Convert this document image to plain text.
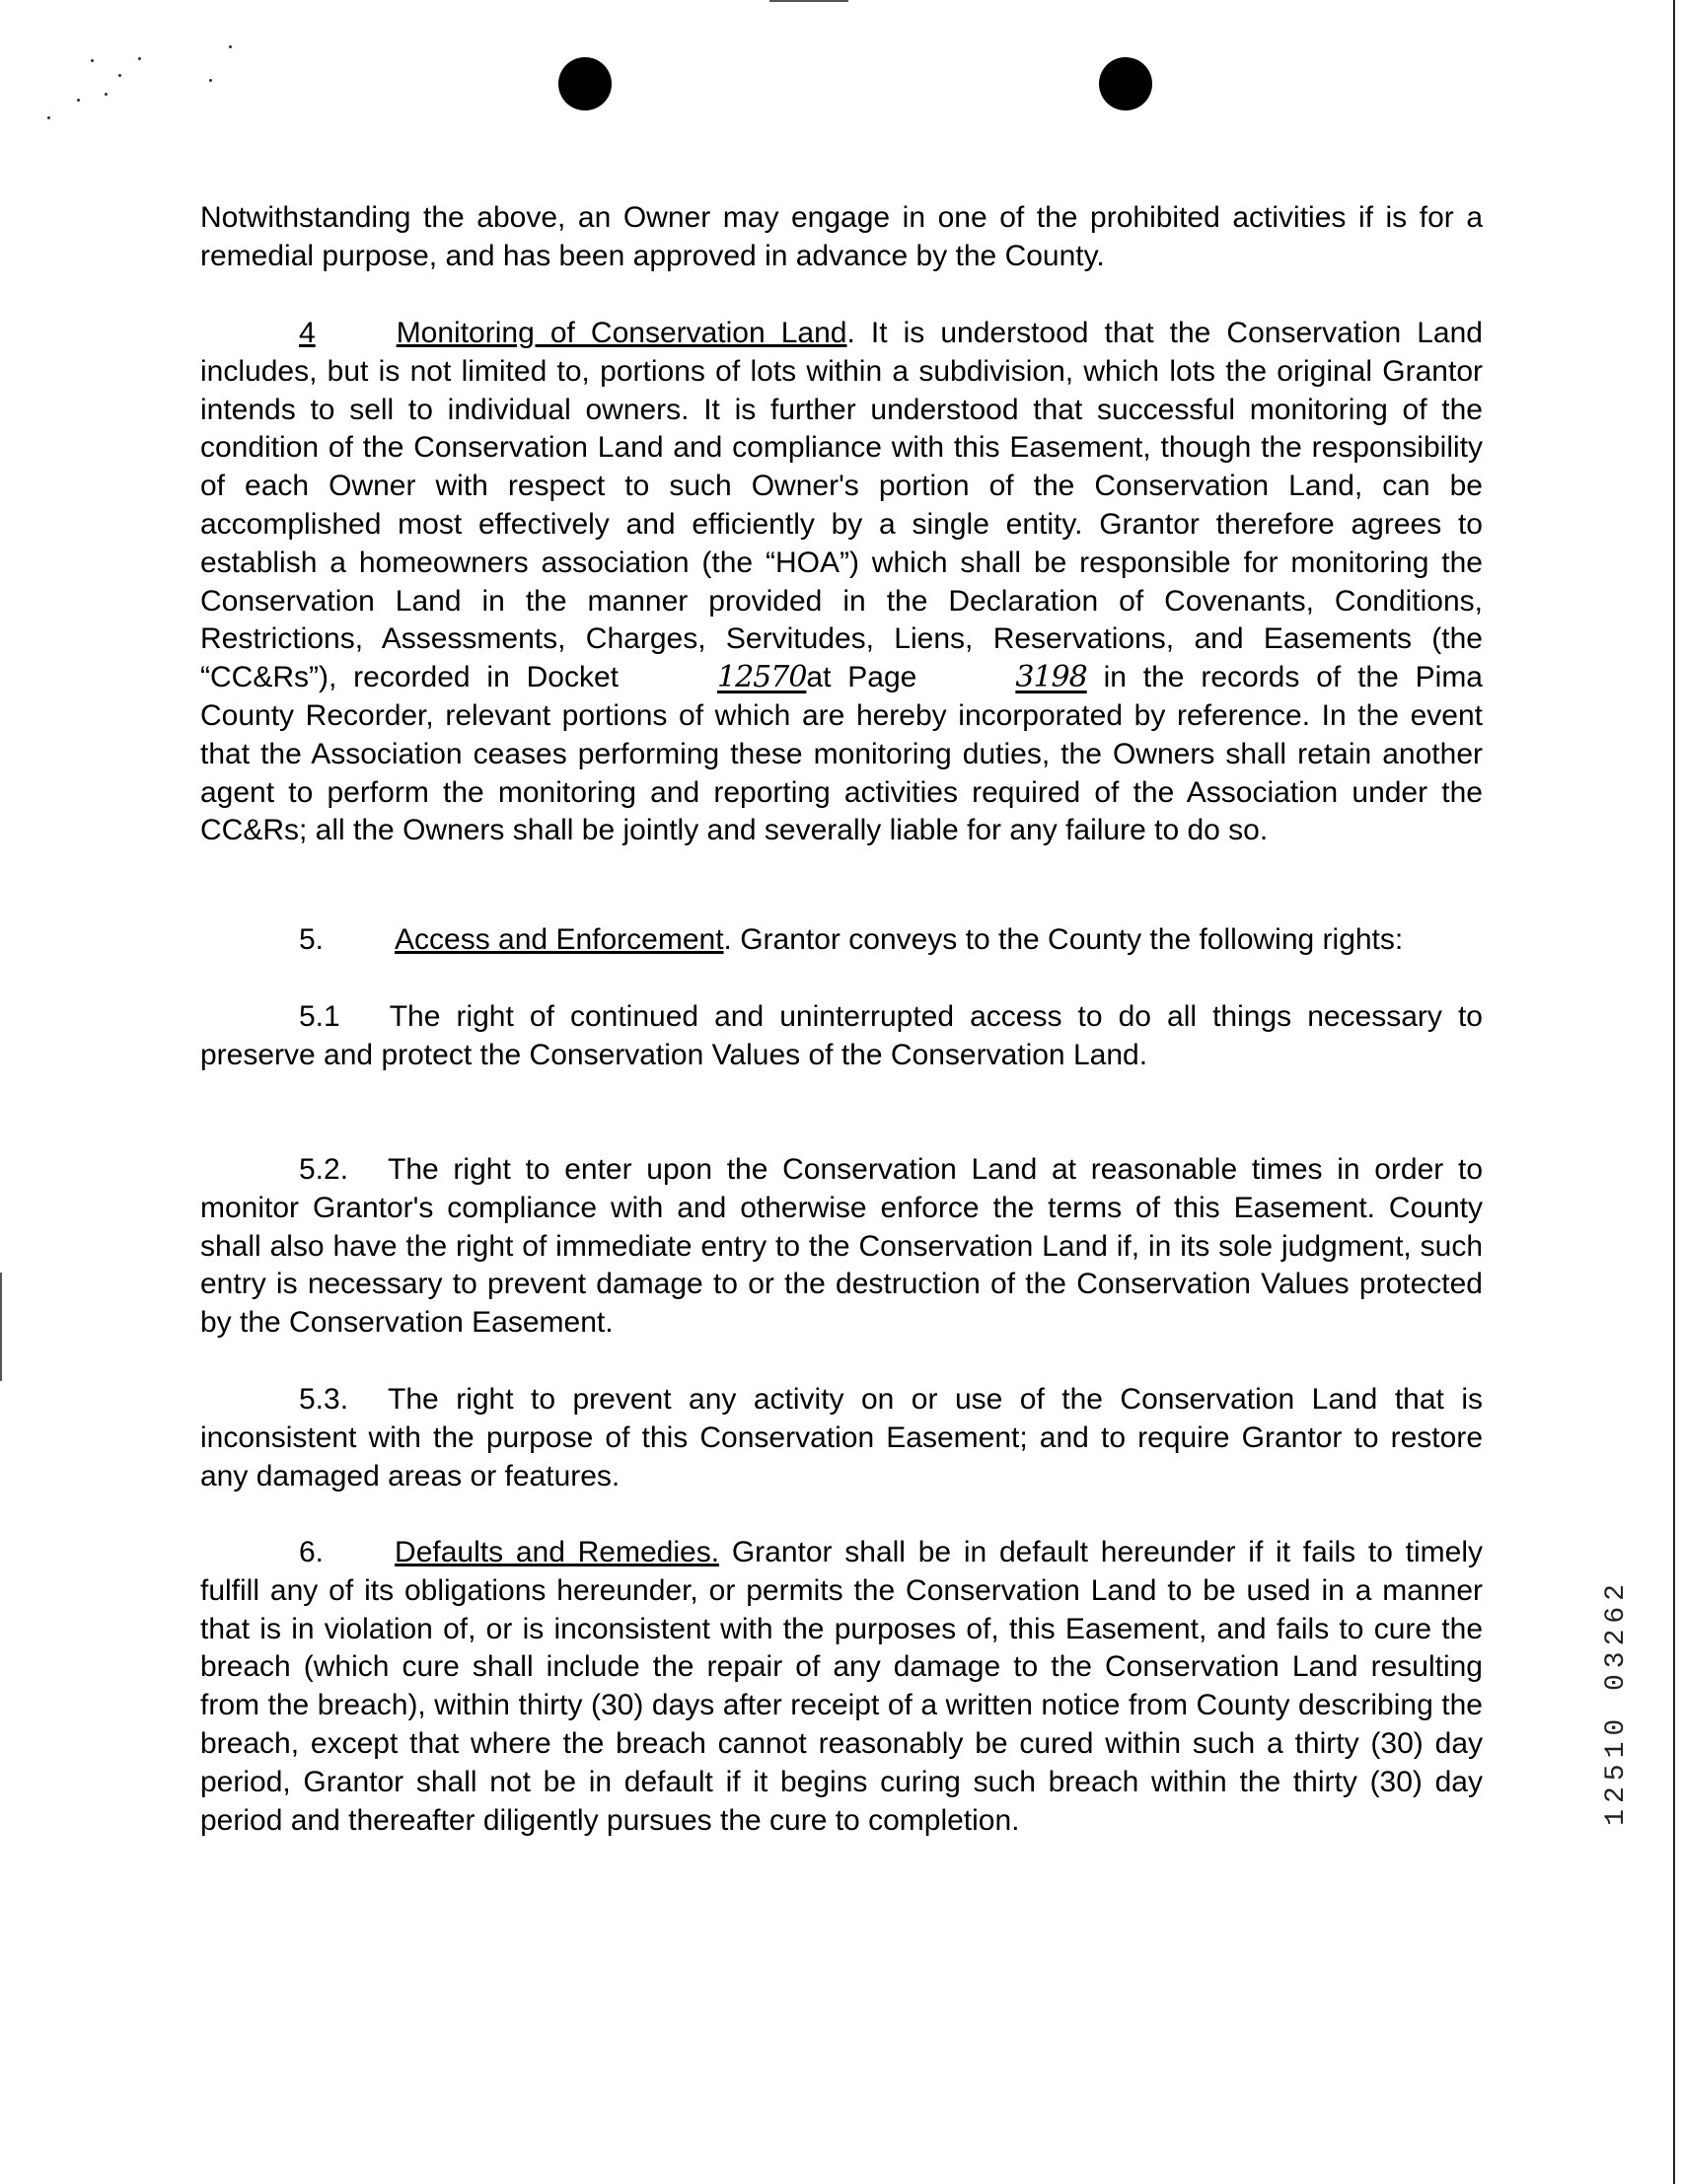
Notwithstanding the above, an Owner may engage in one of the prohibited activities if is for a remedial purpose, and has been approved in advance by the County.

4	Monitoring of Conservation Land. It is understood that the Conservation Land includes, but is not limited to, portions of lots within a subdivision, which lots the original Grantor intends to sell to individual owners. It is further understood that successful monitoring of the condition of the Conservation Land and compliance with this Easement, though the responsibility of each Owner with respect to such Owner's portion of the Conservation Land, can be accomplished most effectively and efficiently by a single entity. Grantor therefore agrees to establish a homeowners association (the “HOA”) which shall be responsible for monitoring the Conservation Land in the manner provided in the Declaration of Covenants, Conditions, Restrictions, Assessments, Charges, Servitudes, Liens, Reservations, and Easements (the “CC&Rs”), recorded in Docket	12570at Page	3198 in the records of the Pima County Recorder, relevant portions of which are hereby incorporated by reference. In the event that the Association ceases performing these monitoring duties, the Owners shall retain another agent to perform the monitoring and reporting activities required of the Association under the CC&Rs; all the Owners shall be jointly and severally liable for any failure to do so.

5. Access and Enforcement. Grantor conveys to the County the following rights:

5.1 The right of continued and uninterrupted access to do all things necessary to preserve and protect the Conservation Values of the Conservation Land.

5.2. The right to enter upon the Conservation Land at reasonable times in order to monitor Grantor's compliance with and otherwise enforce the terms of this Easement. County shall also have the right of immediate entry to the Conservation Land if, in its sole judgment, such entry is necessary to prevent damage to or the destruction of the Conservation Values protected by the Conservation Easement.

5.3. The right to prevent any activity on or use of the Conservation Land that is inconsistent with the purpose of this Conservation Easement; and to require Grantor to restore any damaged areas or features.

6. Defaults and Remedies. Grantor shall be in default hereunder if it fails to timely fulfill any of its obligations hereunder, or permits the Conservation Land to be used in a manner that is in violation of, or is inconsistent with the purposes of, this Easement, and fails to cure the breach (which cure shall include the repair of any damage to the Conservation Land resulting from the breach), within thirty (30) days after receipt of a written notice from County describing the breach, except that where the breach cannot reasonably be cured within such a thirty (30) day period, Grantor shall not be in default if it begins curing such breach within the thirty (30) day period and thereafter diligently pursues the cure to completion.	12510 03262
